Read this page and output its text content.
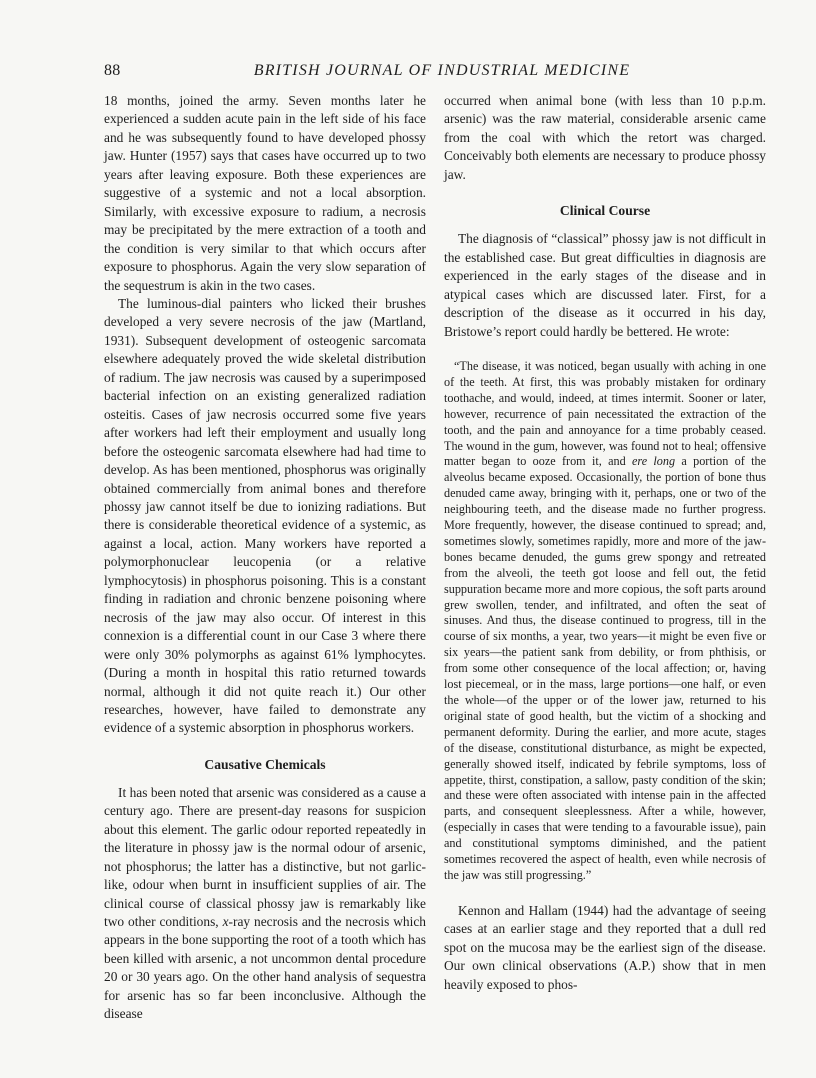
88	BRITISH JOURNAL OF INDUSTRIAL MEDICINE

18 months, joined the army. Seven months later he experienced a sudden acute pain in the left side of his face and he was subsequently found to have developed phossy jaw. Hunter (1957) says that cases have occurred up to two years after leaving exposure. Both these experiences are suggestive of a systemic and not a local absorption. Similarly, with excessive exposure to radium, a necrosis may be precipitated by the mere extraction of a tooth and the condition is very similar to that which occurs after exposure to phosphorus. Again the very slow separation of the sequestrum is akin in the two cases.

The luminous-dial painters who licked their brushes developed a very severe necrosis of the jaw (Martland, 1931). Subsequent development of osteogenic sarcomata elsewhere adequately proved the wide skeletal distribution of radium. The jaw necrosis was caused by a superimposed bacterial infection on an existing generalized radiation osteitis. Cases of jaw necrosis occurred some five years after workers had left their employment and usually long before the osteogenic sarcomata elsewhere had had time to develop. As has been mentioned, phosphorus was originally obtained commercially from animal bones and therefore phossy jaw cannot itself be due to ionizing radiations. But there is considerable theoretical evidence of a systemic, as against a local, action. Many workers have reported a polymorphonuclear leucopenia (or a relative lymphocytosis) in phosphorus poisoning. This is a constant finding in radiation and chronic benzene poisoning where necrosis of the jaw may also occur. Of interest in this connexion is a differential count in our Case 3 where there were only 30% polymorphs as against 61% lymphocytes. (During a month in hospital this ratio returned towards normal, although it did not quite reach it.) Our other researches, however, have failed to demonstrate any evidence of a systemic absorption in phosphorus workers.

Causative Chemicals

It has been noted that arsenic was considered as a cause a century ago. There are present-day reasons for suspicion about this element. The garlic odour reported repeatedly in the literature in phossy jaw is the normal odour of arsenic, not phosphorus; the latter has a distinctive, but not garlic-like, odour when burnt in insufficient supplies of air. The clinical course of classical phossy jaw is remarkably like two other conditions, x-ray necrosis and the necrosis which appears in the bone supporting the root of a tooth which has been killed with arsenic, a not uncommon dental procedure 20 or 30 years ago. On the other hand analysis of sequestra for arsenic has so far been inconclusive. Although the disease

occurred when animal bone (with less than 10 p.p.m. arsenic) was the raw material, considerable arsenic came from the coal with which the retort was charged. Conceivably both elements are necessary to produce phossy jaw.

Clinical Course

The diagnosis of “classical” phossy jaw is not difficult in the established case. But great difficulties in diagnosis are experienced in the early stages of the disease and in atypical cases which are discussed later. First, for a description of the disease as it occurred in his day, Bristowe’s report could hardly be bettered. He wrote:

“The disease, it was noticed, began usually with aching in one of the teeth. At first, this was probably mistaken for ordinary toothache, and would, indeed, at times intermit. Sooner or later, however, recurrence of pain necessitated the extraction of the tooth, and the pain and annoyance for a time probably ceased. The wound in the gum, however, was found not to heal; offensive matter began to ooze from it, and ere long a portion of the alveolus became exposed. Occasionally, the portion of bone thus denuded came away, bringing with it, perhaps, one or two of the neighbouring teeth, and the disease made no further progress. More frequently, however, the disease continued to spread; and, sometimes slowly, sometimes rapidly, more and more of the jaw-bones became denuded, the gums grew spongy and retreated from the alveoli, the teeth got loose and fell out, the fetid suppuration became more and more copious, the soft parts around grew swollen, tender, and infiltrated, and often the seat of sinuses. And thus, the disease continued to progress, till in the course of six months, a year, two years—it might be even five or six years—the patient sank from debility, or from phthisis, or from some other consequence of the local affection; or, having lost piecemeal, or in the mass, large portions—one half, or even the whole—of the upper or of the lower jaw, returned to his original state of good health, but the victim of a shocking and permanent deformity. During the earlier, and more acute, stages of the disease, constitutional disturbance, as might be expected, generally showed itself, indicated by febrile symptoms, loss of appetite, thirst, constipation, a sallow, pasty condition of the skin; and these were often associated with intense pain in the affected parts, and consequent sleeplessness. After a while, however, (especially in cases that were tending to a favourable issue), pain and constitutional symptoms diminished, and the patient sometimes recovered the aspect of health, even while necrosis of the jaw was still progressing.”

Kennon and Hallam (1944) had the advantage of seeing cases at an earlier stage and they reported that a dull red spot on the mucosa may be the earliest sign of the disease. Our own clinical observations (A.P.) show that in men heavily exposed to phos-
